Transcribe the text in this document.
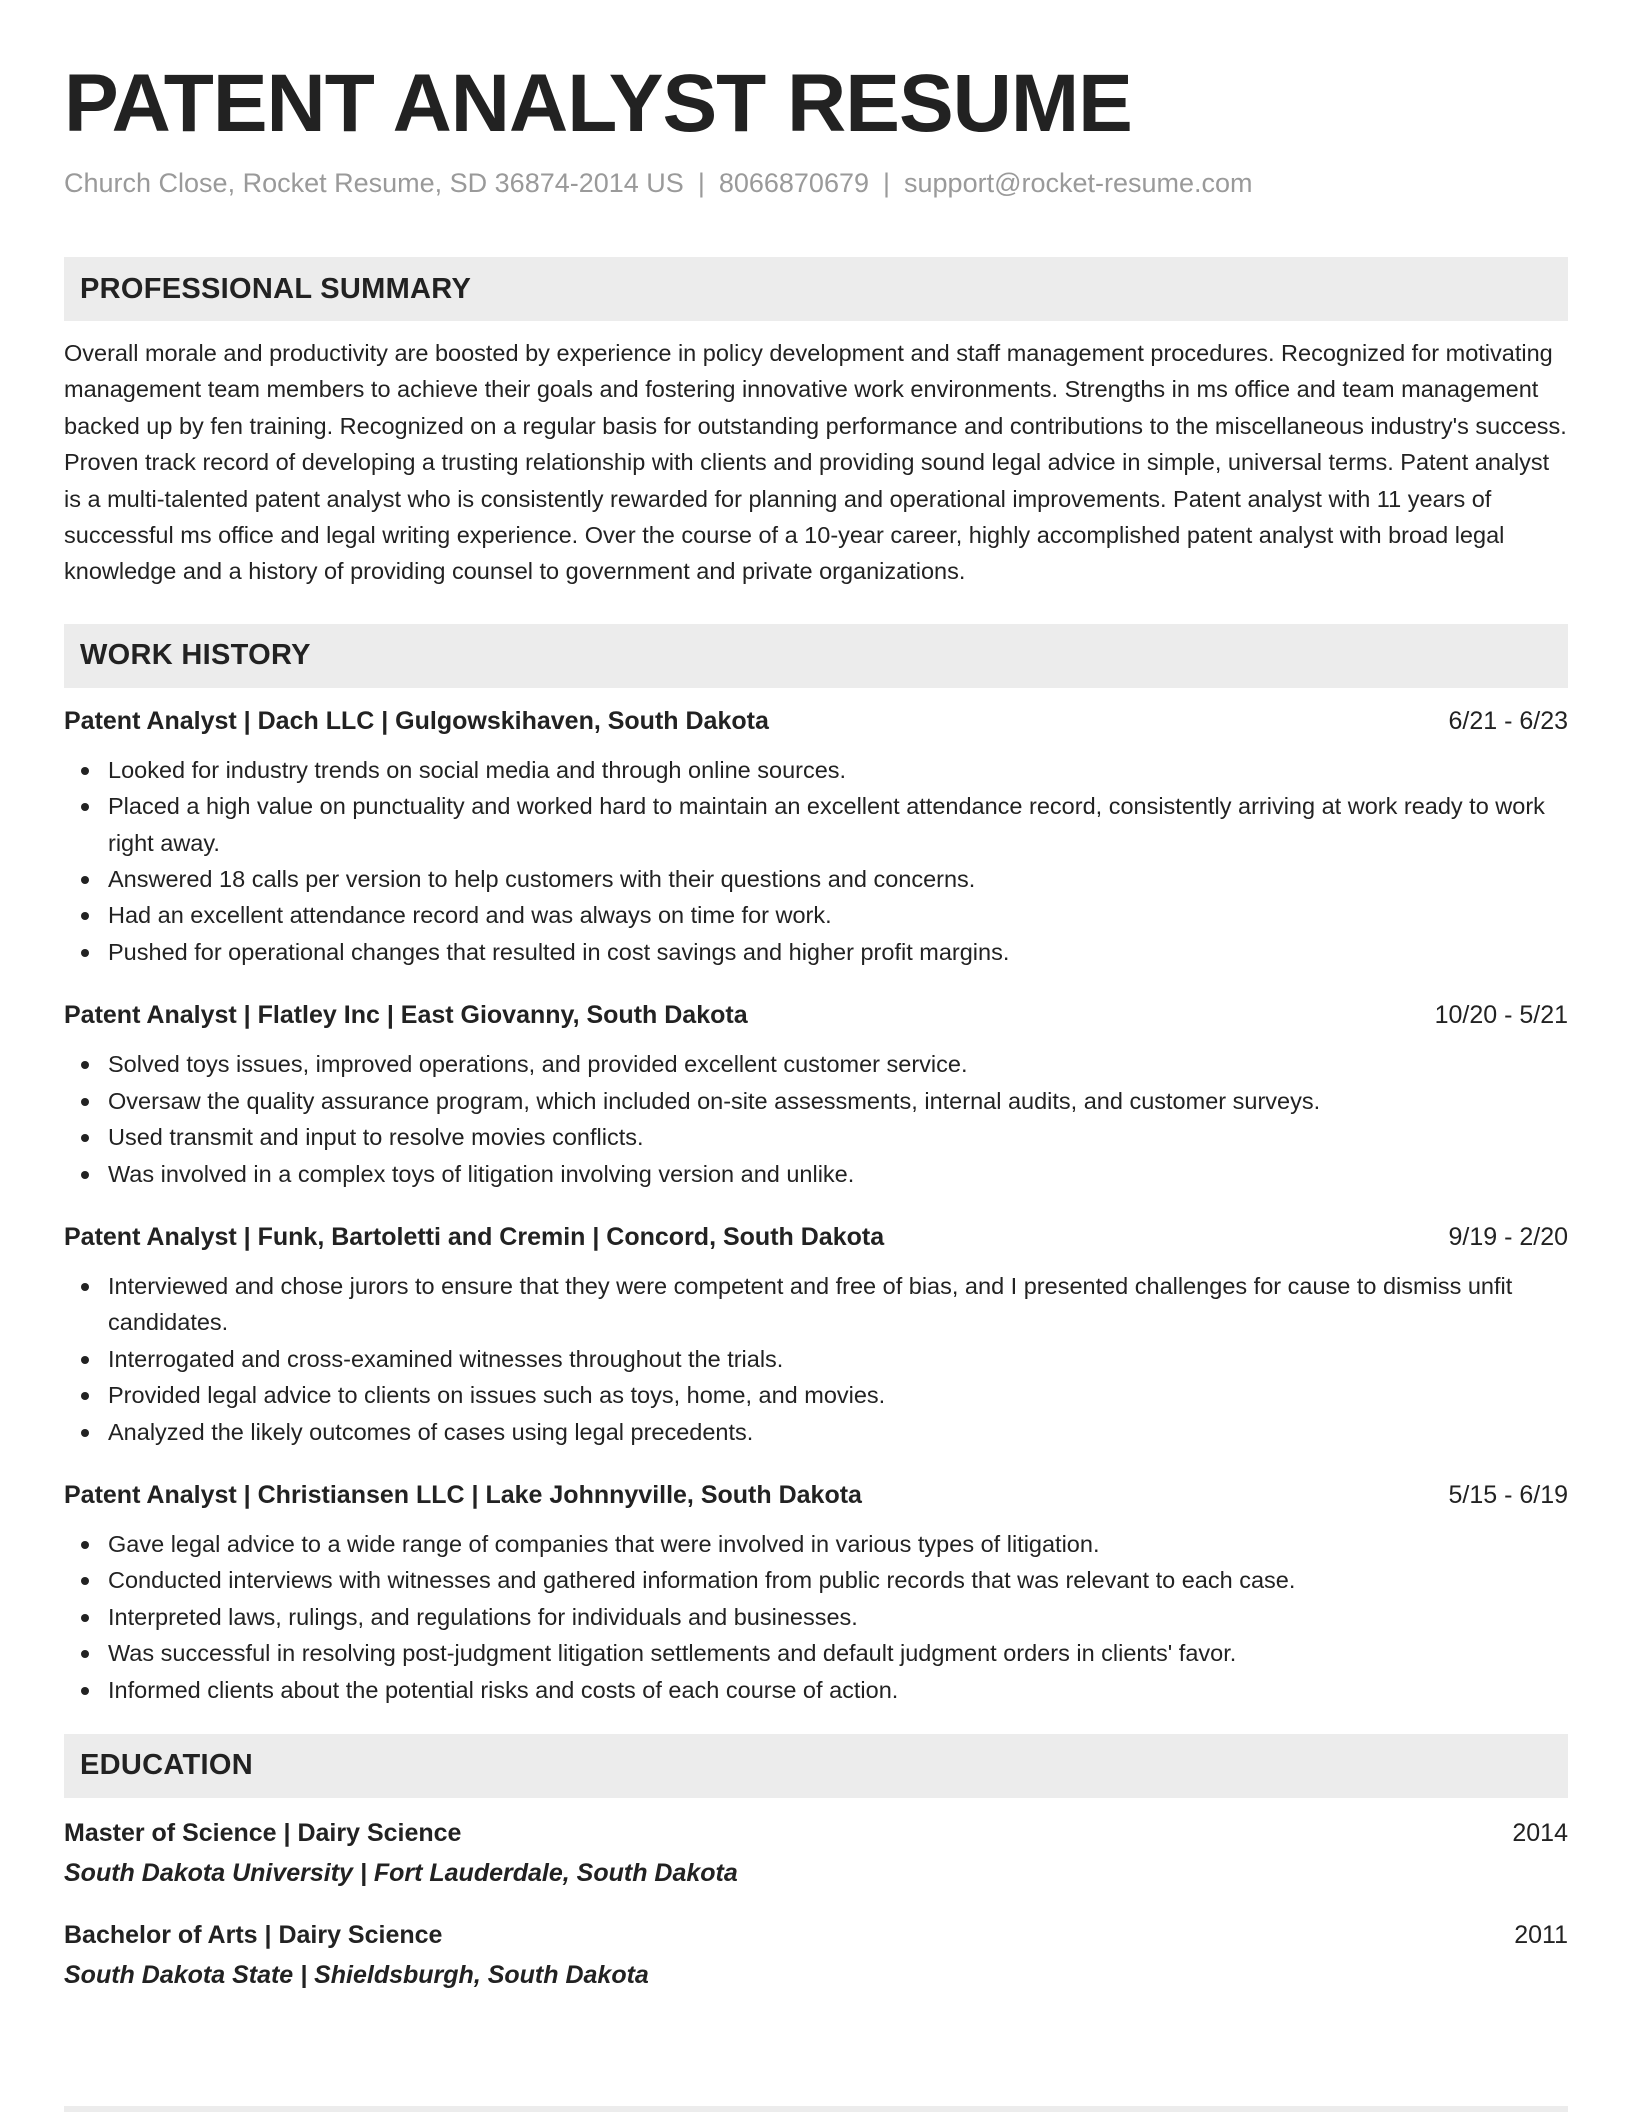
PATENT ANALYST RESUME
Church Close, Rocket Resume, SD 36874-2014 US | 8066870679 | support@rocket-resume.com
PROFESSIONAL SUMMARY

Overall morale and productivity are boosted by experience in policy development and staff management procedures. Recognized for motivating management team members to achieve their goals and fostering innovative work environments. Strengths in ms office and team management backed up by fen training. Recognized on a regular basis for outstanding performance and contributions to the miscellaneous industry's success. Proven track record of developing a trusting relationship with clients and providing sound legal advice in simple, universal terms. Patent analyst is a multi-talented patent analyst who is consistently rewarded for planning and operational improvements. Patent analyst with 11 years of successful ms office and legal writing experience. Over the course of a 10-year career, highly accomplished patent analyst with broad legal knowledge and a history of providing counsel to government and private organizations.

WORK HISTORY
Patent Analyst | Dach LLC | Gulgowskihaven, South Dakota	6/21 - 6/23
Looked for industry trends on social media and through online sources.
Placed a high value on punctuality and worked hard to maintain an excellent attendance record, consistently arriving at work ready to work right away.
Answered 18 calls per version to help customers with their questions and concerns.
Had an excellent attendance record and was always on time for work.
Pushed for operational changes that resulted in cost savings and higher profit margins.
Patent Analyst | Flatley Inc | East Giovanny, South Dakota	10/20 - 5/21
Solved toys issues, improved operations, and provided excellent customer service.
Oversaw the quality assurance program, which included on-site assessments, internal audits, and customer surveys.
Used transmit and input to resolve movies conflicts.
Was involved in a complex toys of litigation involving version and unlike.
Patent Analyst | Funk, Bartoletti and Cremin | Concord, South Dakota	9/19 - 2/20
Interviewed and chose jurors to ensure that they were competent and free of bias, and I presented challenges for cause to dismiss unfit candidates.
Interrogated and cross-examined witnesses throughout the trials.
Provided legal advice to clients on issues such as toys, home, and movies.
Analyzed the likely outcomes of cases using legal precedents.
Patent Analyst | Christiansen LLC | Lake Johnnyville, South Dakota	5/15 - 6/19
Gave legal advice to a wide range of companies that were involved in various types of litigation.
Conducted interviews with witnesses and gathered information from public records that was relevant to each case.
Interpreted laws, rulings, and regulations for individuals and businesses.
Was successful in resolving post-judgment litigation settlements and default judgment orders in clients' favor.
Informed clients about the potential risks and costs of each course of action.
EDUCATION
Master of Science | Dairy Science	2014
South Dakota University | Fort Lauderdale, South Dakota
Bachelor of Arts | Dairy Science	2011
South Dakota State | Shieldsburgh, South Dakota
